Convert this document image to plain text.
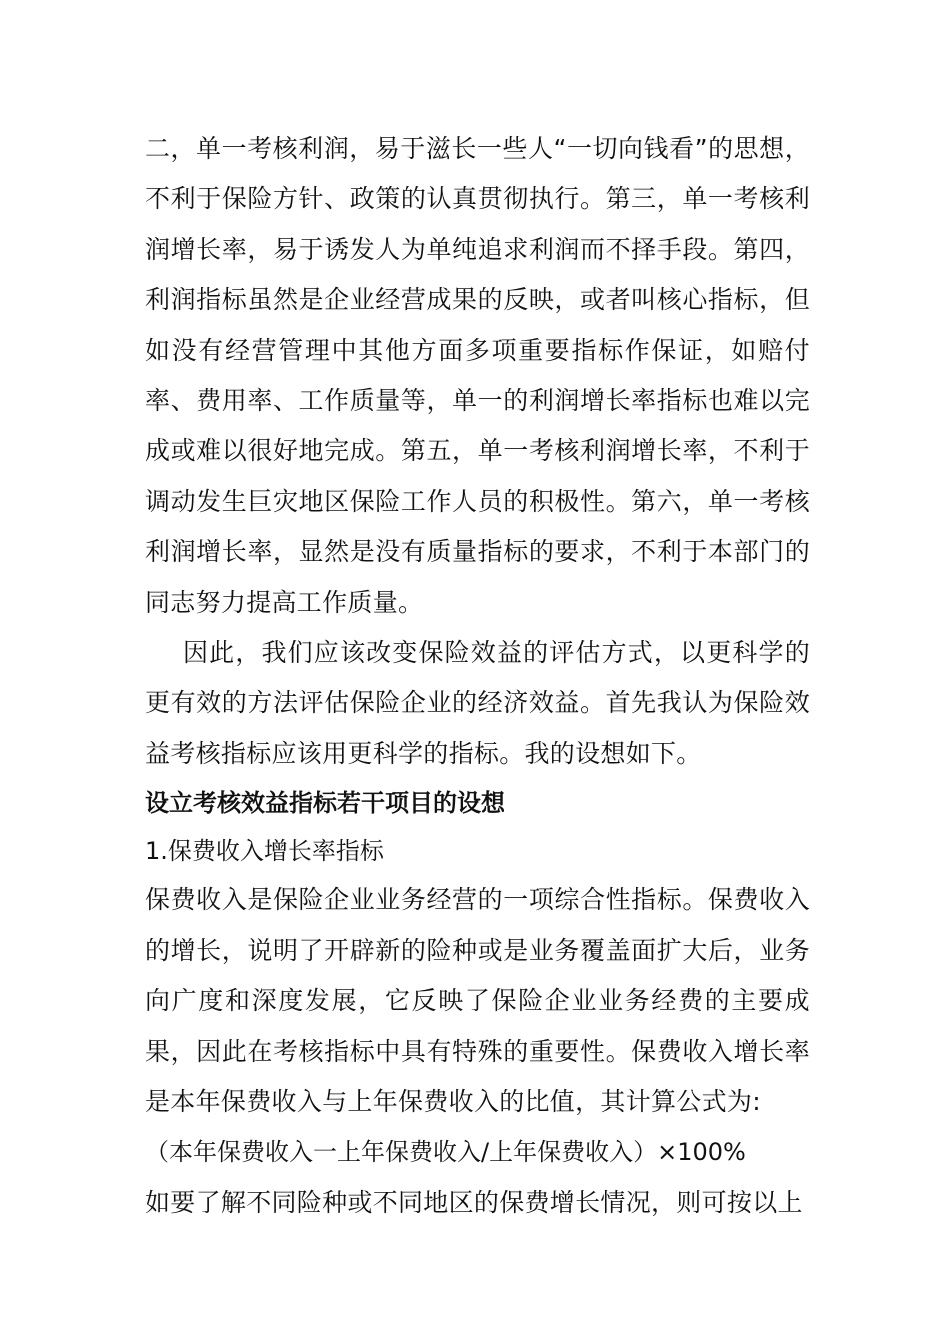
二，单一考核利润，易于滋长一些人“一切向钱看”的思想，不利于保险方针、政策的认真贯彻执行。第三，单一考核利润增长率，易于诱发人为单纯追求利润而不择手段。第四，利润指标虽然是企业经营成果的反映，或者叫核心指标，但如没有经营管理中其他方面多项重要指标作保证，如赔付率、费用率、工作质量等，单一的利润增长率指标也难以完成或难以很好地完成。第五，单一考核利润增长率，不利于调动发生巨灾地区保险工作人员的积极性。第六，单一考核利润增长率，显然是没有质量指标的要求，不利于本部门的同志努力提高工作质量。

因此，我们应该改变保险效益的评估方式，以更科学的更有效的方法评估保险企业的经济效益。首先我认为保险效益考核指标应该用更科学的指标。我的设想如下。

设立考核效益指标若干项目的设想

1.保费收入增长率指标

保费收入是保险企业业务经营的一项综合性指标。保费收入的增长，说明了开辟新的险种或是业务覆盖面扩大后，业务向广度和深度发展，它反映了保险企业业务经费的主要成果，因此在考核指标中具有特殊的重要性。保费收入增长率是本年保费收入与上年保费收入的比值，其计算公式为:

（本年保费收入一上年保费收入/上年保费收入）×100%

如要了解不同险种或不同地区的保费增长情况，则可按以上
